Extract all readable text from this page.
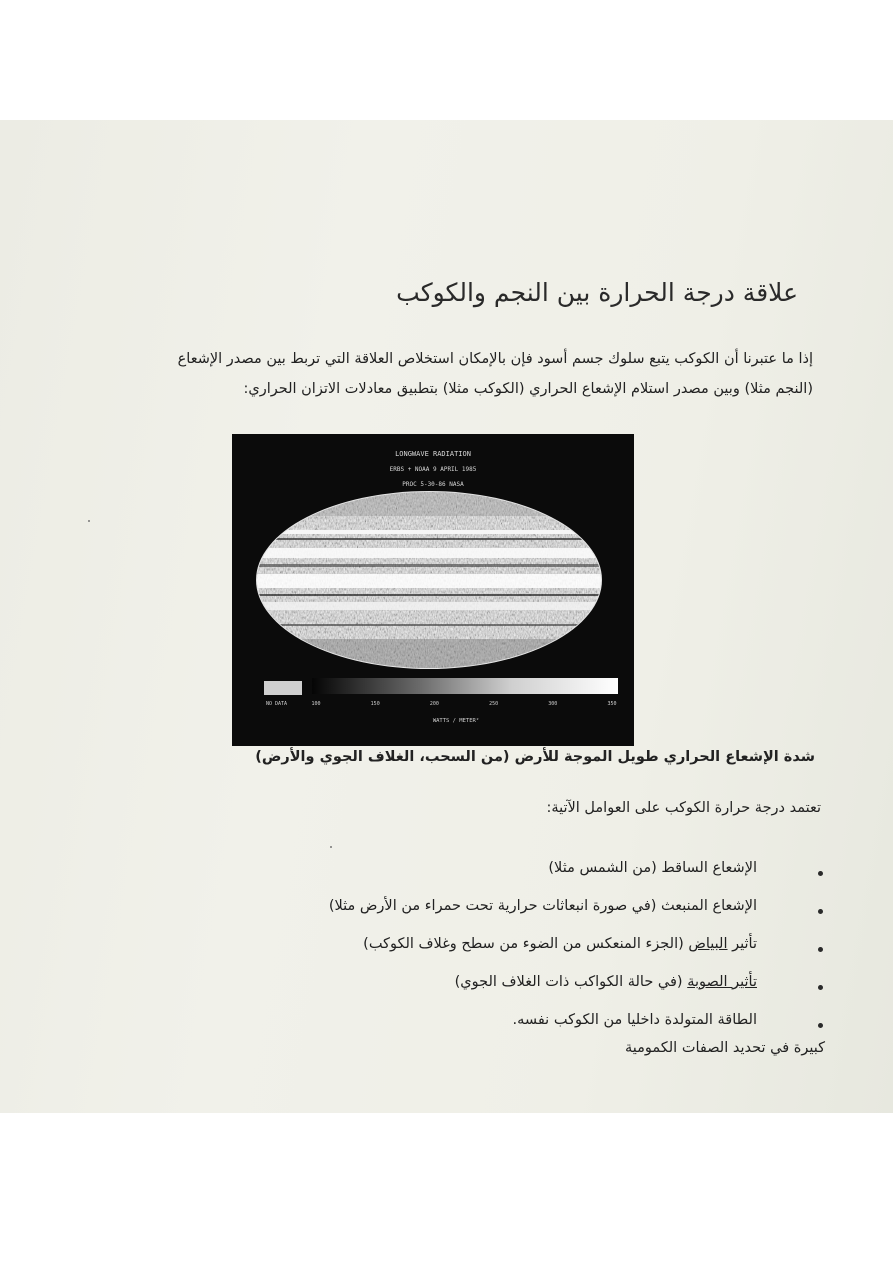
علاقة درجة الحرارة بين النجم والكوكب
إذا ما عتبرنا أن الكوكب يتبع سلوك جسم أسود فإن بالإمكان استخلاص العلاقة التي تربط بين مصدر الإشعاع
(النجم مثلا) وبين مصدر استلام الإشعاع الحراري (الكوكب مثلا) بتطبيق معادلات الاتزان الحراري:
LONGWAVE RADIATION
ERBS + NOAA 9 APRIL 1985
PROC 5-30-86 NASA
NO DATA	100	150	200	250	300	350
WATTS / METER²
شدة الإشعاع الحراري طويل الموجة للأرض (من السحب، الغلاف الجوي والأرض)
تعتمد درجة حرارة الكوكب على العوامل الآتية:
الإشعاع الساقط (من الشمس مثلا)
الإشعاع المنبعث (في صورة انبعاثات حرارية تحت حمراء من الأرض مثلا)
تأثير البياض (الجزء المنعكس من الضوء من سطح وغلاف الكوكب)
تأثير الصوبة (في حالة الكواكب ذات الغلاف الجوي)
الطاقة المتولدة داخليا من الكوكب نفسه.
كبيرة في تحديد الصفات الكمومية
